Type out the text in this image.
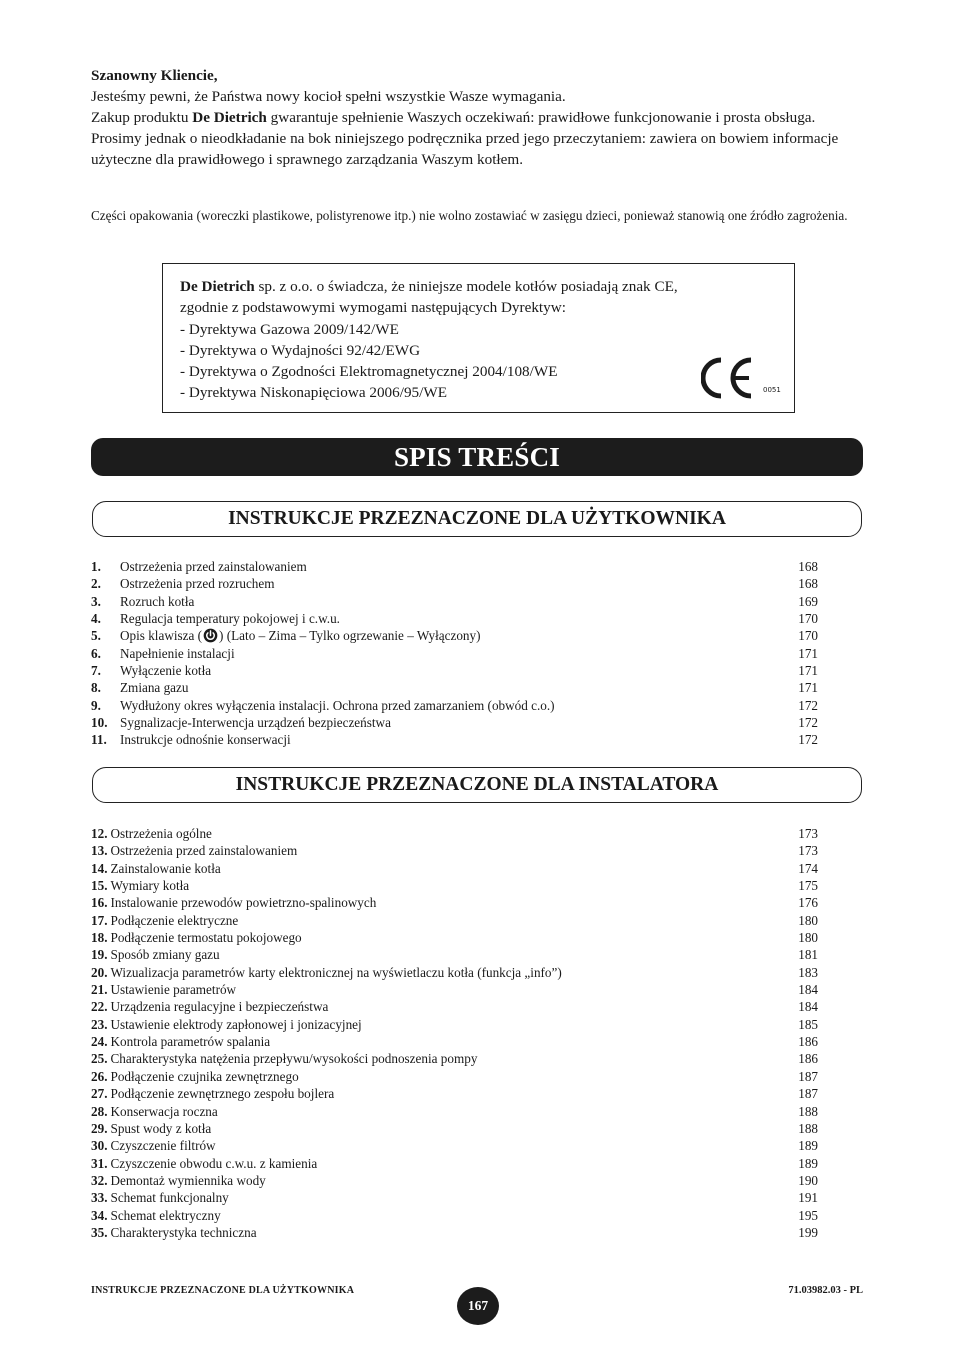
Szanowny Kliencie,

Jesteśmy pewni, że Państwa nowy kocioł spełni wszystkie Wasze wymagania.

Zakup produktu De Dietrich gwarantuje spełnienie Waszych oczekiwań: prawidłowe funkcjonowanie i prosta obsługa.

Prosimy jednak o nieodkładanie na bok niniejszego podręcznika przed jego przeczytaniem: zawiera on bowiem informacje użyteczne dla prawidłowego i sprawnego zarządzania Waszym kotłem.

Części opakowania (woreczki plastikowe, polistyrenowe itp.) nie wolno zostawiać w zasięgu dzieci, ponieważ stanowią one źródło zagrożenia.

De Dietrich sp. z o.o. o świadcza, że niniejsze modele kotłów posiadają znak CE,
zgodnie z podstawowymi wymogami następujących Dyrektyw:
- Dyrektywa Gazowa 2009/142/WE
- Dyrektywa o Wydajności 92/42/EWG
- Dyrektywa o Zgodności Elektromagnetycznej 2004/108/WE
- Dyrektywa Niskonapięciowa 2006/95/WE	0051
SPIS TREŚCI
INSTRUKCJE PRZEZNACZONE DLA UŻYTKOWNIKA
1. Ostrzeżenia przed zainstalowaniem	168
2. Ostrzeżenia przed rozruchem	168
3. Rozruch kotła	169
4. Regulacja temperatury pokojowej i c.w.u.	170
5. Opis klawisza ( ) (Lato – Zima – Tylko ogrzewanie – Wyłączony)	170
6. Napełnienie instalacji	171
7. Wyłączenie kotła	171
8. Zmiana gazu	171
9. Wydłużony okres wyłączenia instalacji. Ochrona przed zamarzaniem (obwód c.o.)	172
10. Sygnalizacje-Interwencja urządzeń bezpieczeństwa	172
11. Instrukcje odnośnie konserwacji	172
INSTRUKCJE PRZEZNACZONE DLA INSTALATORA
12. Ostrzeżenia ogólne	173
13. Ostrzeżenia przed zainstalowaniem	173
14. Zainstalowanie kotła	174
15. Wymiary kotła	175
16. Instalowanie przewodów powietrzno-spalinowych	176
17. Podłączenie elektryczne	180
18. Podłączenie termostatu pokojowego	180
19. Sposób zmiany gazu	181
20. Wizualizacja parametrów karty elektronicznej na wyświetlaczu kotła (funkcja „info”)	183
21. Ustawienie parametrów	184
22. Urządzenia regulacyjne i bezpieczeństwa	184
23. Ustawienie elektrody zapłonowej i jonizacyjnej	185
24. Kontrola parametrów spalania	186
25. Charakterystyka natężenia przepływu/wysokości podnoszenia pompy	186
26. Podłączenie czujnika zewnętrznego	187
27. Podłączenie zewnętrznego zespołu bojlera	187
28. Konserwacja roczna	188
29. Spust wody z kotła	188
30. Czyszczenie filtrów	189
31. Czyszczenie obwodu c.w.u. z kamienia	189
32. Demontaż wymiennika wody	190
33. Schemat funkcjonalny	191
34. Schemat elektryczny	195
35. Charakterystyka techniczna	199
INSTRUKCJE PRZEZNACZONE DLA UŻYTKOWNIKA
167
71.03982.03 - PL
